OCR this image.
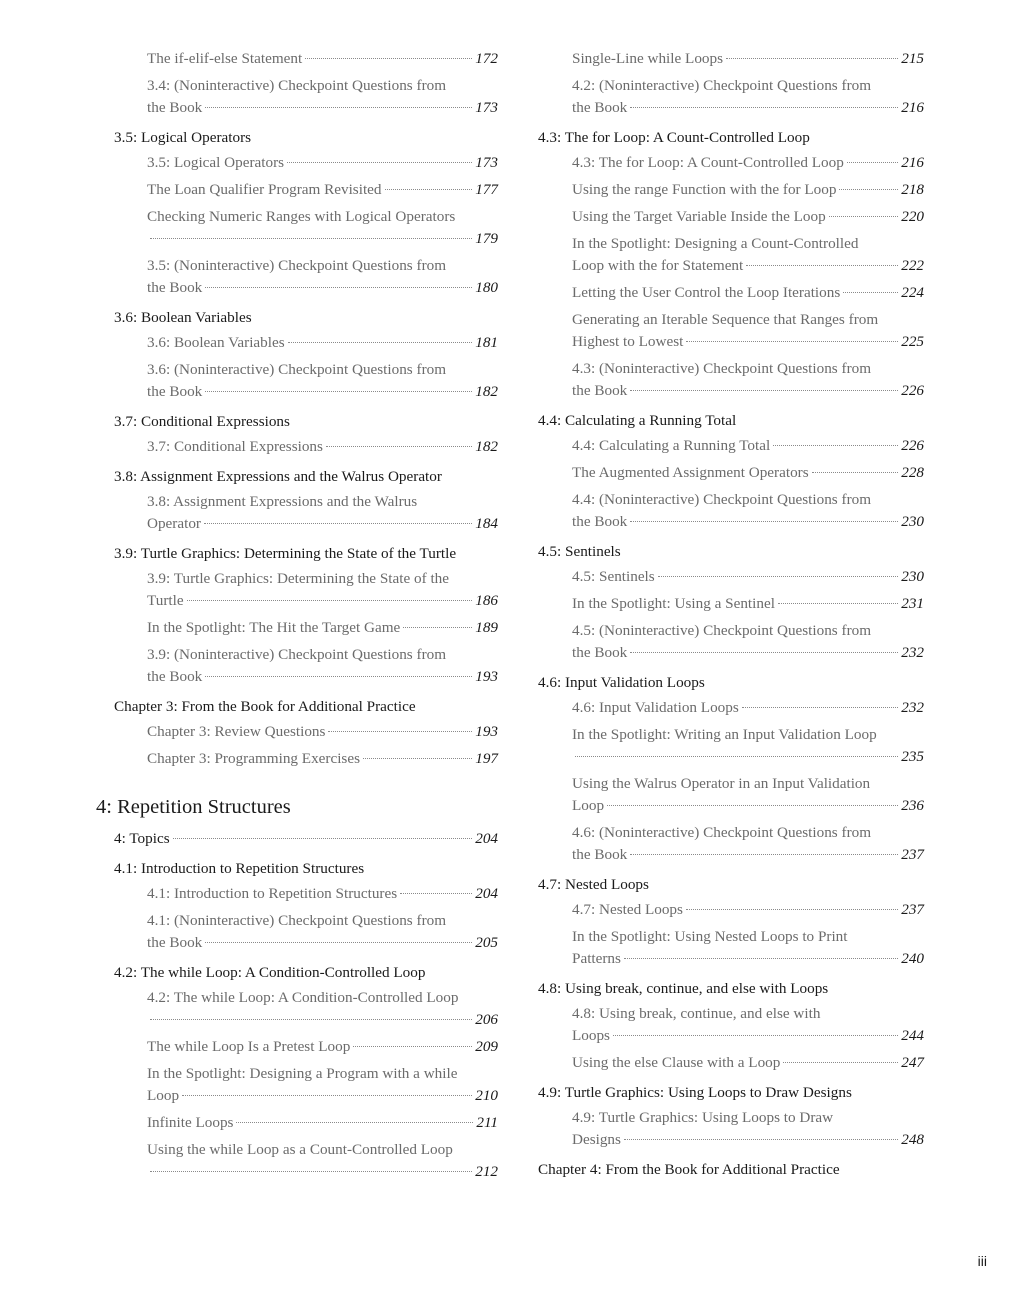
The if-elif-else Statement	172
3.4: (Noninteractive) Checkpoint Questions from
the Book	173
3.5: Logical Operators
3.5: Logical Operators	173
The Loan Qualifier Program Revisited	177
Checking Numeric Ranges with Logical Operators
179
3.5: (Noninteractive) Checkpoint Questions from
the Book	180
3.6: Boolean Variables
3.6: Boolean Variables	181
3.6: (Noninteractive) Checkpoint Questions from
the Book	182
3.7: Conditional Expressions
3.7: Conditional Expressions	182
3.8: Assignment Expressions and the Walrus Operator
3.8: Assignment Expressions and the Walrus
Operator	184
3.9: Turtle Graphics: Determining the State of the Turtle
3.9: Turtle Graphics: Determining the State of the
Turtle	186
In the Spotlight: The Hit the Target Game	189
3.9: (Noninteractive) Checkpoint Questions from
the Book	193
Chapter 3: From the Book for Additional Practice
Chapter 3: Review Questions	193
Chapter 3: Programming Exercises	197
4: Repetition Structures
4: Topics	204
4.1: Introduction to Repetition Structures
4.1: Introduction to Repetition Structures	204
4.1: (Noninteractive) Checkpoint Questions from
the Book	205
4.2: The while Loop: A Condition-Controlled Loop
4.2: The while Loop: A Condition-Controlled Loop
206
The while Loop Is a Pretest Loop	209
In the Spotlight: Designing a Program with a while
Loop	210
Infinite Loops	211
Using the while Loop as a Count-Controlled Loop
212
Single-Line while Loops	215
4.2: (Noninteractive) Checkpoint Questions from
the Book	216
4.3: The for Loop: A Count-Controlled Loop
4.3: The for Loop: A Count-Controlled Loop	216
Using the range Function with the for Loop	218
Using the Target Variable Inside the Loop	220
In the Spotlight: Designing a Count-Controlled
Loop with the for Statement	222
Letting the User Control the Loop Iterations	224
Generating an Iterable Sequence that Ranges from
Highest to Lowest	225
4.3: (Noninteractive) Checkpoint Questions from
the Book	226
4.4: Calculating a Running Total
4.4: Calculating a Running Total	226
The Augmented Assignment Operators	228
4.4: (Noninteractive) Checkpoint Questions from
the Book	230
4.5: Sentinels
4.5: Sentinels	230
In the Spotlight: Using a Sentinel	231
4.5: (Noninteractive) Checkpoint Questions from
the Book	232
4.6: Input Validation Loops
4.6: Input Validation Loops	232
In the Spotlight: Writing an Input Validation Loop
235
Using the Walrus Operator in an Input Validation
Loop	236
4.6: (Noninteractive) Checkpoint Questions from
the Book	237
4.7: Nested Loops
4.7: Nested Loops	237
In the Spotlight: Using Nested Loops to Print
Patterns	240
4.8: Using break, continue, and else with Loops
4.8: Using break, continue, and else with
Loops	244
Using the else Clause with a Loop	247
4.9: Turtle Graphics: Using Loops to Draw Designs
4.9: Turtle Graphics: Using Loops to Draw
Designs	248
Chapter 4: From the Book for Additional Practice
iii
